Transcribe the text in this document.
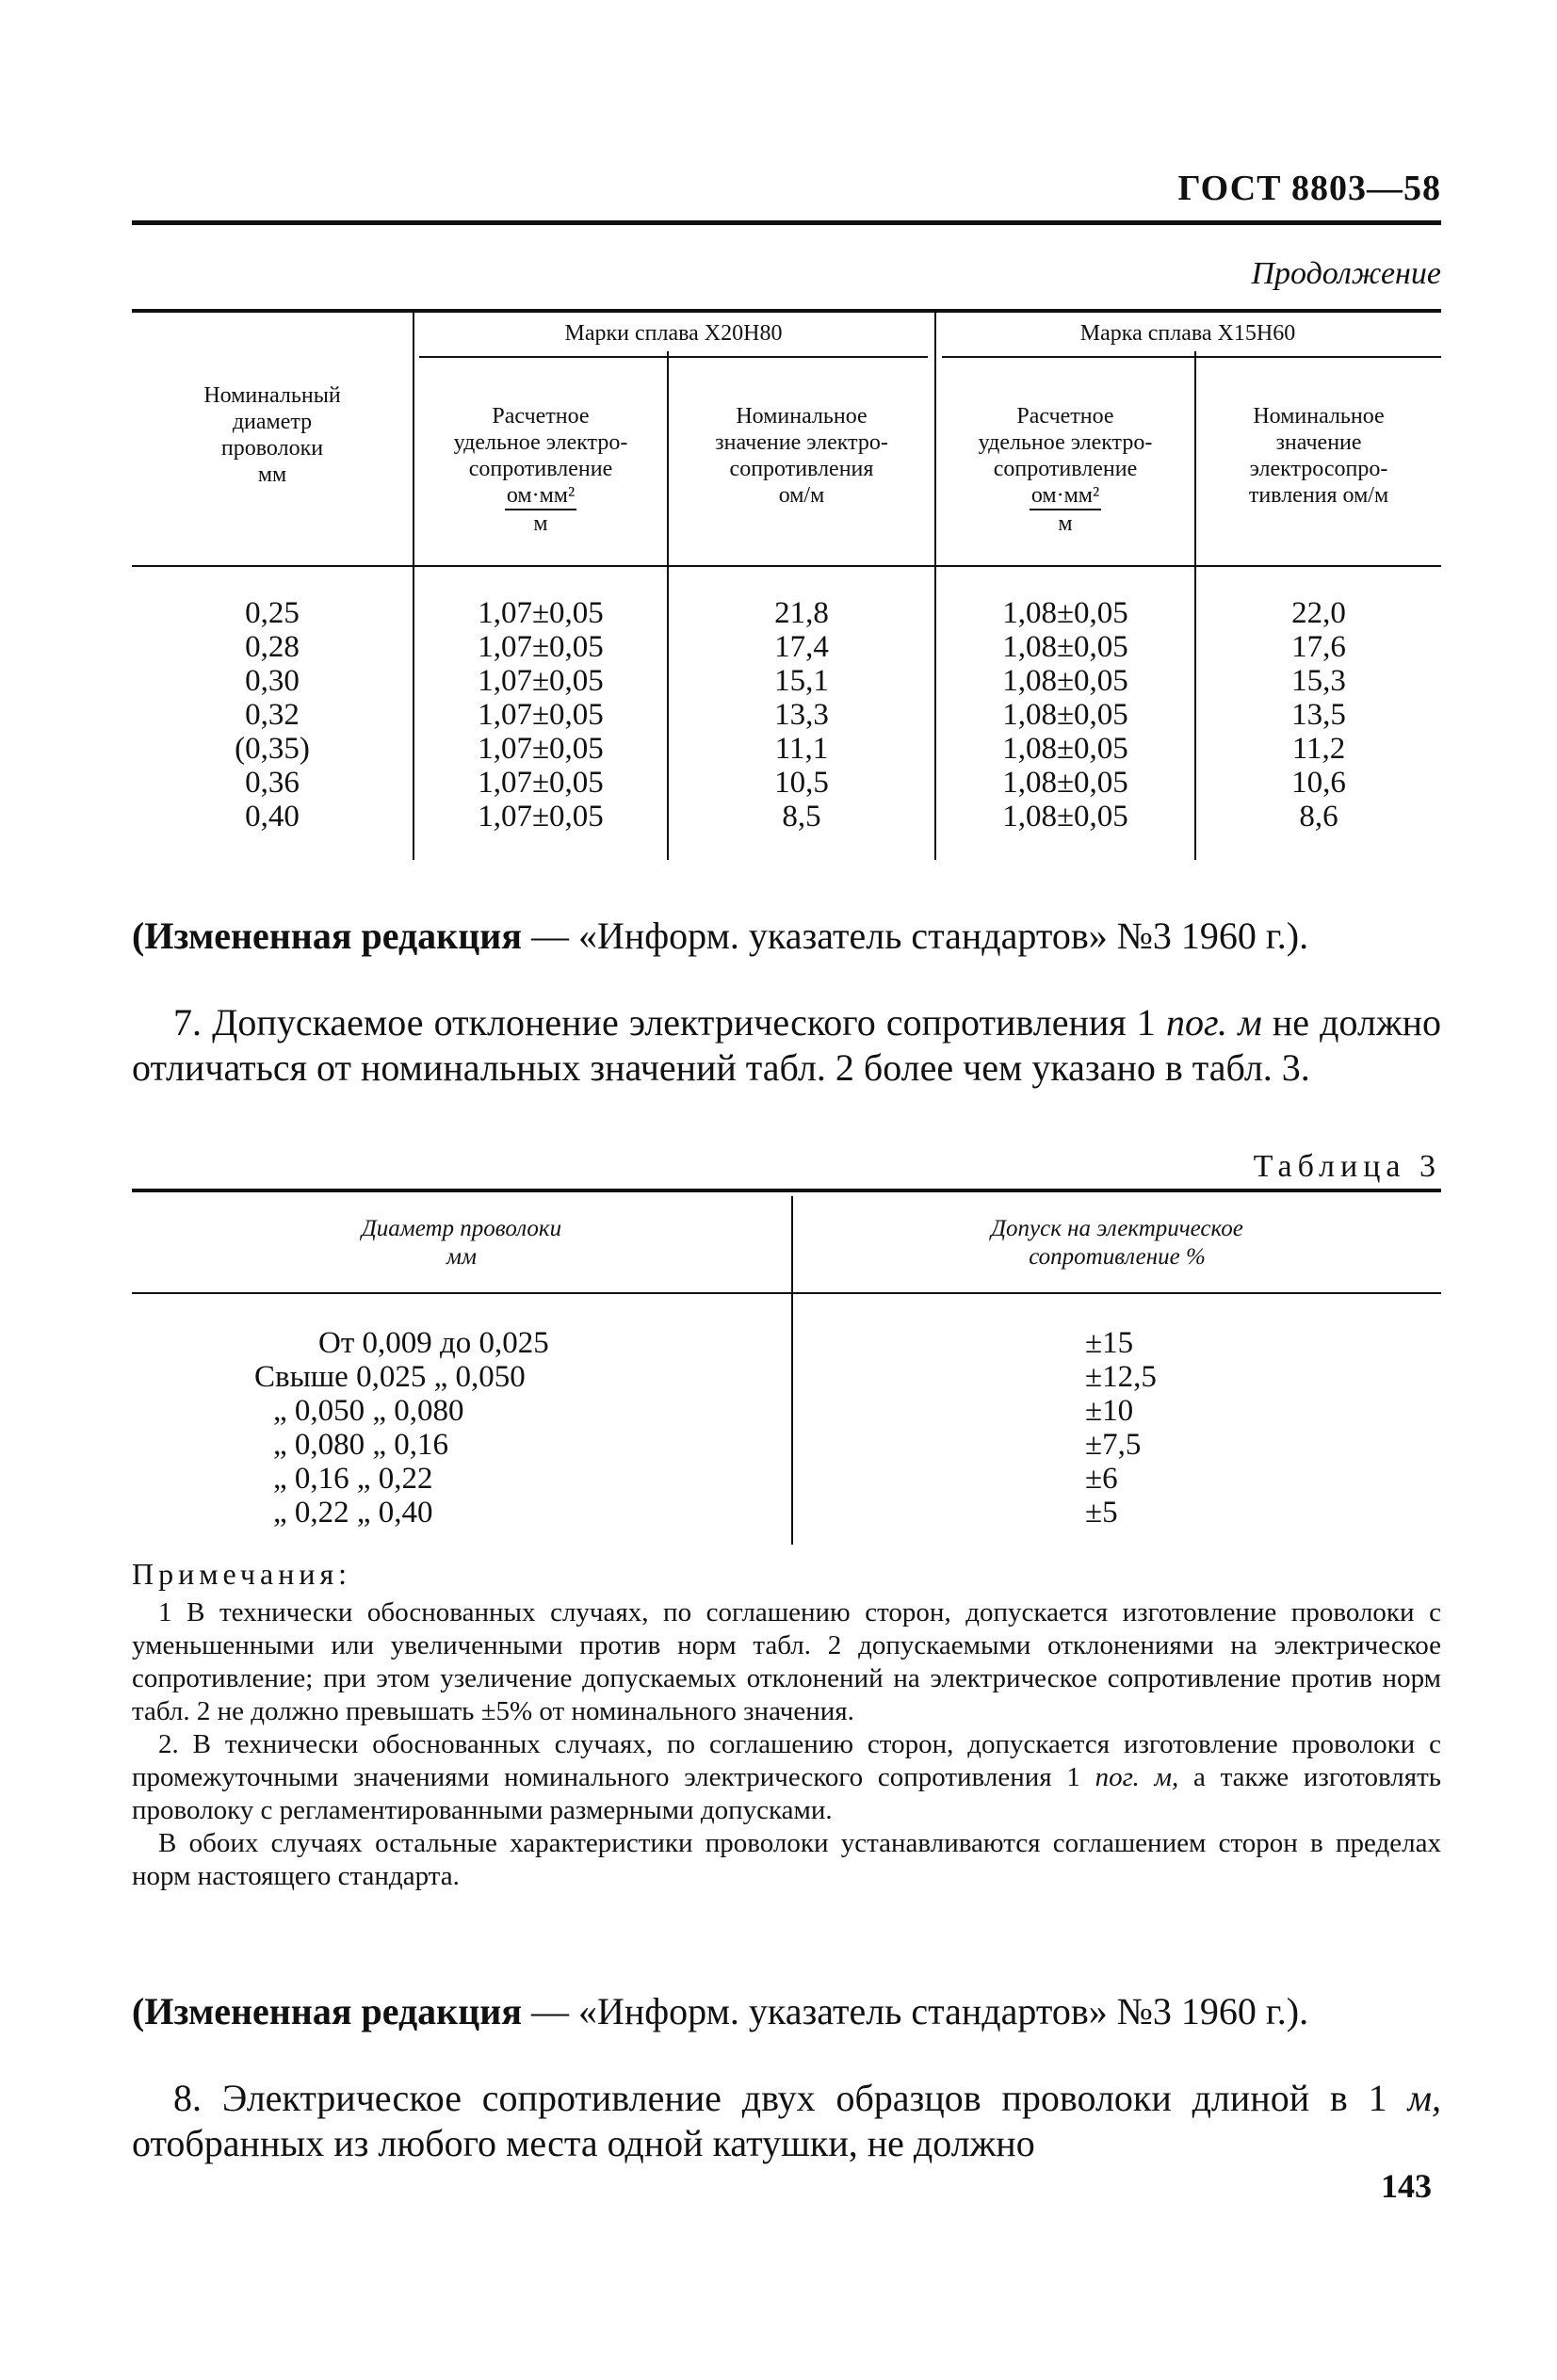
ГОСТ 8803—58
Продолжение
Номинальный
диаметр
проволоки
мм
Марки сплава Х20Н80	Марка сплава Х15Н60
Расчетное
удельное электро-
сопротивление
$\frac{\text{ом·мм²}}{м}$
Номинальное
значение электро-
сопротивления
ом/м
Расчетное
удельное электро-
сопротивление
$\frac{\text{ом·мм²}}{м}$
Номинальное
значение
электросопро-
тивления ом/м
0,25
0,28
0,30
0,32
(0,35)
0,36
0,40
1,07±0,05
1,07±0,05
1,07±0,05
1,07±0,05
1,07±0,05
1,07±0,05
1,07±0,05
21,8
17,4
15,1
13,3
11,1
10,5
8,5
1,08±0,05
1,08±0,05
1,08±0,05
1,08±0,05
1,08±0,05
1,08±0,05
1,08±0,05
22,0
17,6
15,3
13,5
11,2
10,6
8,6

(Измененная редакция — «Информ. указатель стандартов» №3 1960 г.).

7. Допускаемое отклонение электрического сопротивления 1 пог. м не должно отличаться от номинальных значений табл. 2 более чем указано в табл. 3.

Таблица 3
Диаметр проволоки
мм
Допуск на электрическое
сопротивление %
От 0,009 до 0,025
Свыше 0,025 „ 0,050
„ 0,050 „ 0,080
„ 0,080 „ 0,16
„ 0,16 „ 0,22
„ 0,22 „ 0,40
±15
±12,5
±10
±7,5
±6
±5

Примечания:

1 В технически обоснованных случаях, по соглашению сторон, допускается изготовление проволоки с уменьшенными или увеличенными против норм табл. 2 допускаемыми отклонениями на электрическое сопротивление; при этом узеличение допускаемых отклонений на электрическое сопротивление против норм табл. 2 не должно превышать ±5% от номинального значения.

2. В технически обоснованных случаях, по соглашению сторон, допускается изготовление проволоки с промежуточными значениями номинального электрического сопротивления 1 пог. м, а также изготовлять проволоку с регламентированными размерными допусками.

В обоих случаях остальные характеристики проволоки устанавливаются соглашением сторон в пределах норм настоящего стандарта.

(Измененная редакция — «Информ. указатель стандартов» №3 1960 г.).

8. Электрическое сопротивление двух образцов проволоки длиной в 1 м, отобранных из любого места одной катушки, не должно

143
